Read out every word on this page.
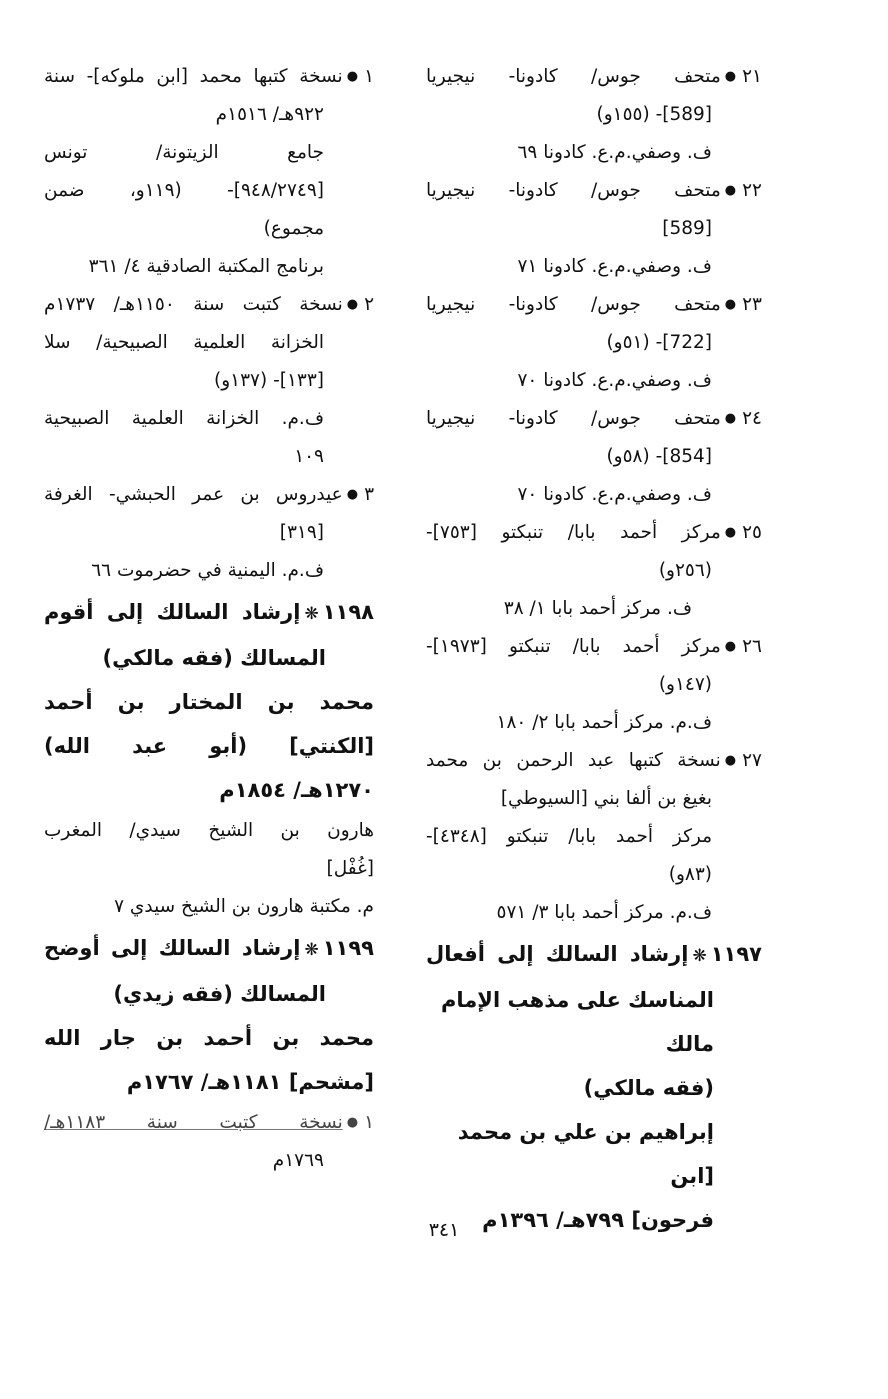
٢١●متحف جوس/ كادونا- نيجيريا
[589]- (١٥٥و)
ف. وصفي.م.ع. كادونا ٦٩
٢٢●متحف جوس/ كادونا- نيجيريا
[589]
ف. وصفي.م.ع. كادونا ٧١
٢٣●متحف جوس/ كادونا- نيجيريا
[722]- (٥١و)
ف. وصفي.م.ع. كادونا ٧٠
٢٤●متحف جوس/ كادونا- نيجيريا
[854]- (٥٨و)
ف. وصفي.م.ع. كادونا ٧٠
٢٥●مركز أحمد بابا/ تنبكتو [٧٥٣]-
(٢٥٦و)
ف. مركز أحمد بابا ١/ ٣٨
٢٦●مركز أحمد بابا/ تنبكتو [١٩٧٣]-
(١٤٧و)
ف.م. مركز أحمد بابا ٢/ ١٨٠
٢٧●نسخة كتبها عبد الرحمن بن محمد
بغيغ بن ألفا بني [السيوطي]
مركز أحمد بابا/ تنبكتو [٤٣٤٨]-
(٨٣و)
ف.م. مركز أحمد بابا ٣/ ٥٧١
١١٩٧❋إرشاد السالك إلى أفعال
المناسك على مذهب الإمام مالك
(فقه مالكي)
إبراهيم بن علي بن محمد [ابن
فرحون] ٧٩٩هـ/ ١٣٩٦م
١●نسخة كتبها محمد [ابن ملوكه]- سنة
٩٢٢هـ/ ١٥١٦م
جامع الزيتونة/ تونس
[٩٤٨/٢٧٤٩]- (١١٩و، ضمن
مجموع)
برنامج المكتبة الصادقية ٤/ ٣٦١
٢●نسخة كتبت سنة ١١٥٠هـ/ ١٧٣٧م
الخزانة العلمية الصبيحية/ سلا
[١٣٣]- (١٣٧و)
ف.م. الخزانة العلمية الصبيحية
١٠٩
٣●عيدروس بن عمر الحبشي- الغرفة
[٣١٩]
ف.م. اليمنية في حضرموت ٦٦
١١٩٨❋إرشاد السالك إلى أقوم
المسالك (فقه مالكي)
محمد بن المختار بن أحمد
[الكنتي] (أبو عبد الله)
١٢٧٠هـ/ ١٨٥٤م
هارون بن الشيخ سيدي/ المغرب
[غُفْل]
م. مكتبة هارون بن الشيخ سيدي ٧
١١٩٩❋إرشاد السالك إلى أوضح
المسالك (فقه زيدي)
محمد بن أحمد بن جار الله
[مشحم] ١١٨١هـ/ ١٧٦٧م
١●نسخة كتبت سنة ١١٨٣هـ/
١٧٦٩م
٣٤١
